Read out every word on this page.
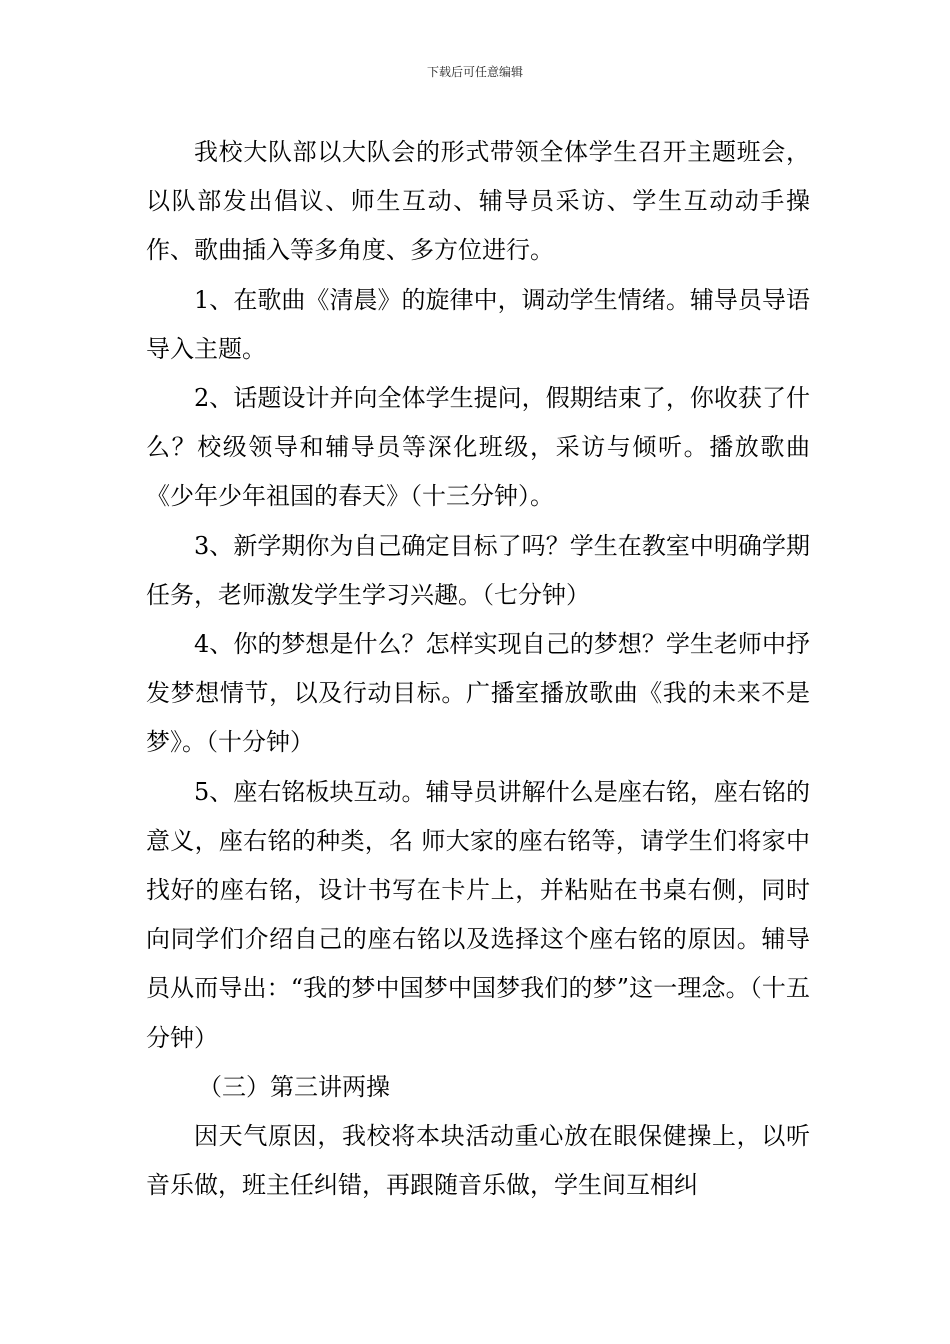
下载后可任意编辑

我校大队部以大队会的形式带领全体学生召开主题班会，以队部发出倡议、师生互动、辅导员采访、学生互动动手操作、歌曲插入等多角度、多方位进行。

1、在歌曲《清晨》的旋律中，调动学生情绪。辅导员导语导入主题。

2、话题设计并向全体学生提问，假期结束了，你收获了什么？校级领导和辅导员等深化班级，采访与倾听。播放歌曲《少年少年祖国的春天》（十三分钟）。

3、新学期你为自己确定目标了吗？学生在教室中明确学期任务，老师激发学生学习兴趣。（七分钟）

4、你的梦想是什么？怎样实现自己的梦想？学生老师中抒发梦想情节，以及行动目标。广播室播放歌曲《我的未来不是梦》。（十分钟）

5、座右铭板块互动。辅导员讲解什么是座右铭，座右铭的意义，座右铭的种类，名 师大家的座右铭等，请学生们将家中找好的座右铭，设计书写在卡片上，并粘贴在书桌右侧，同时向同学们介绍自己的座右铭以及选择这个座右铭的原因。辅导员从而导出：“我的梦中国梦中国梦我们的梦”这一理念。（十五分钟）

（三）第三讲两操

因天气原因，我校将本块活动重心放在眼保健操上，以听音乐做，班主任纠错，再跟随音乐做，学生间互相纠
